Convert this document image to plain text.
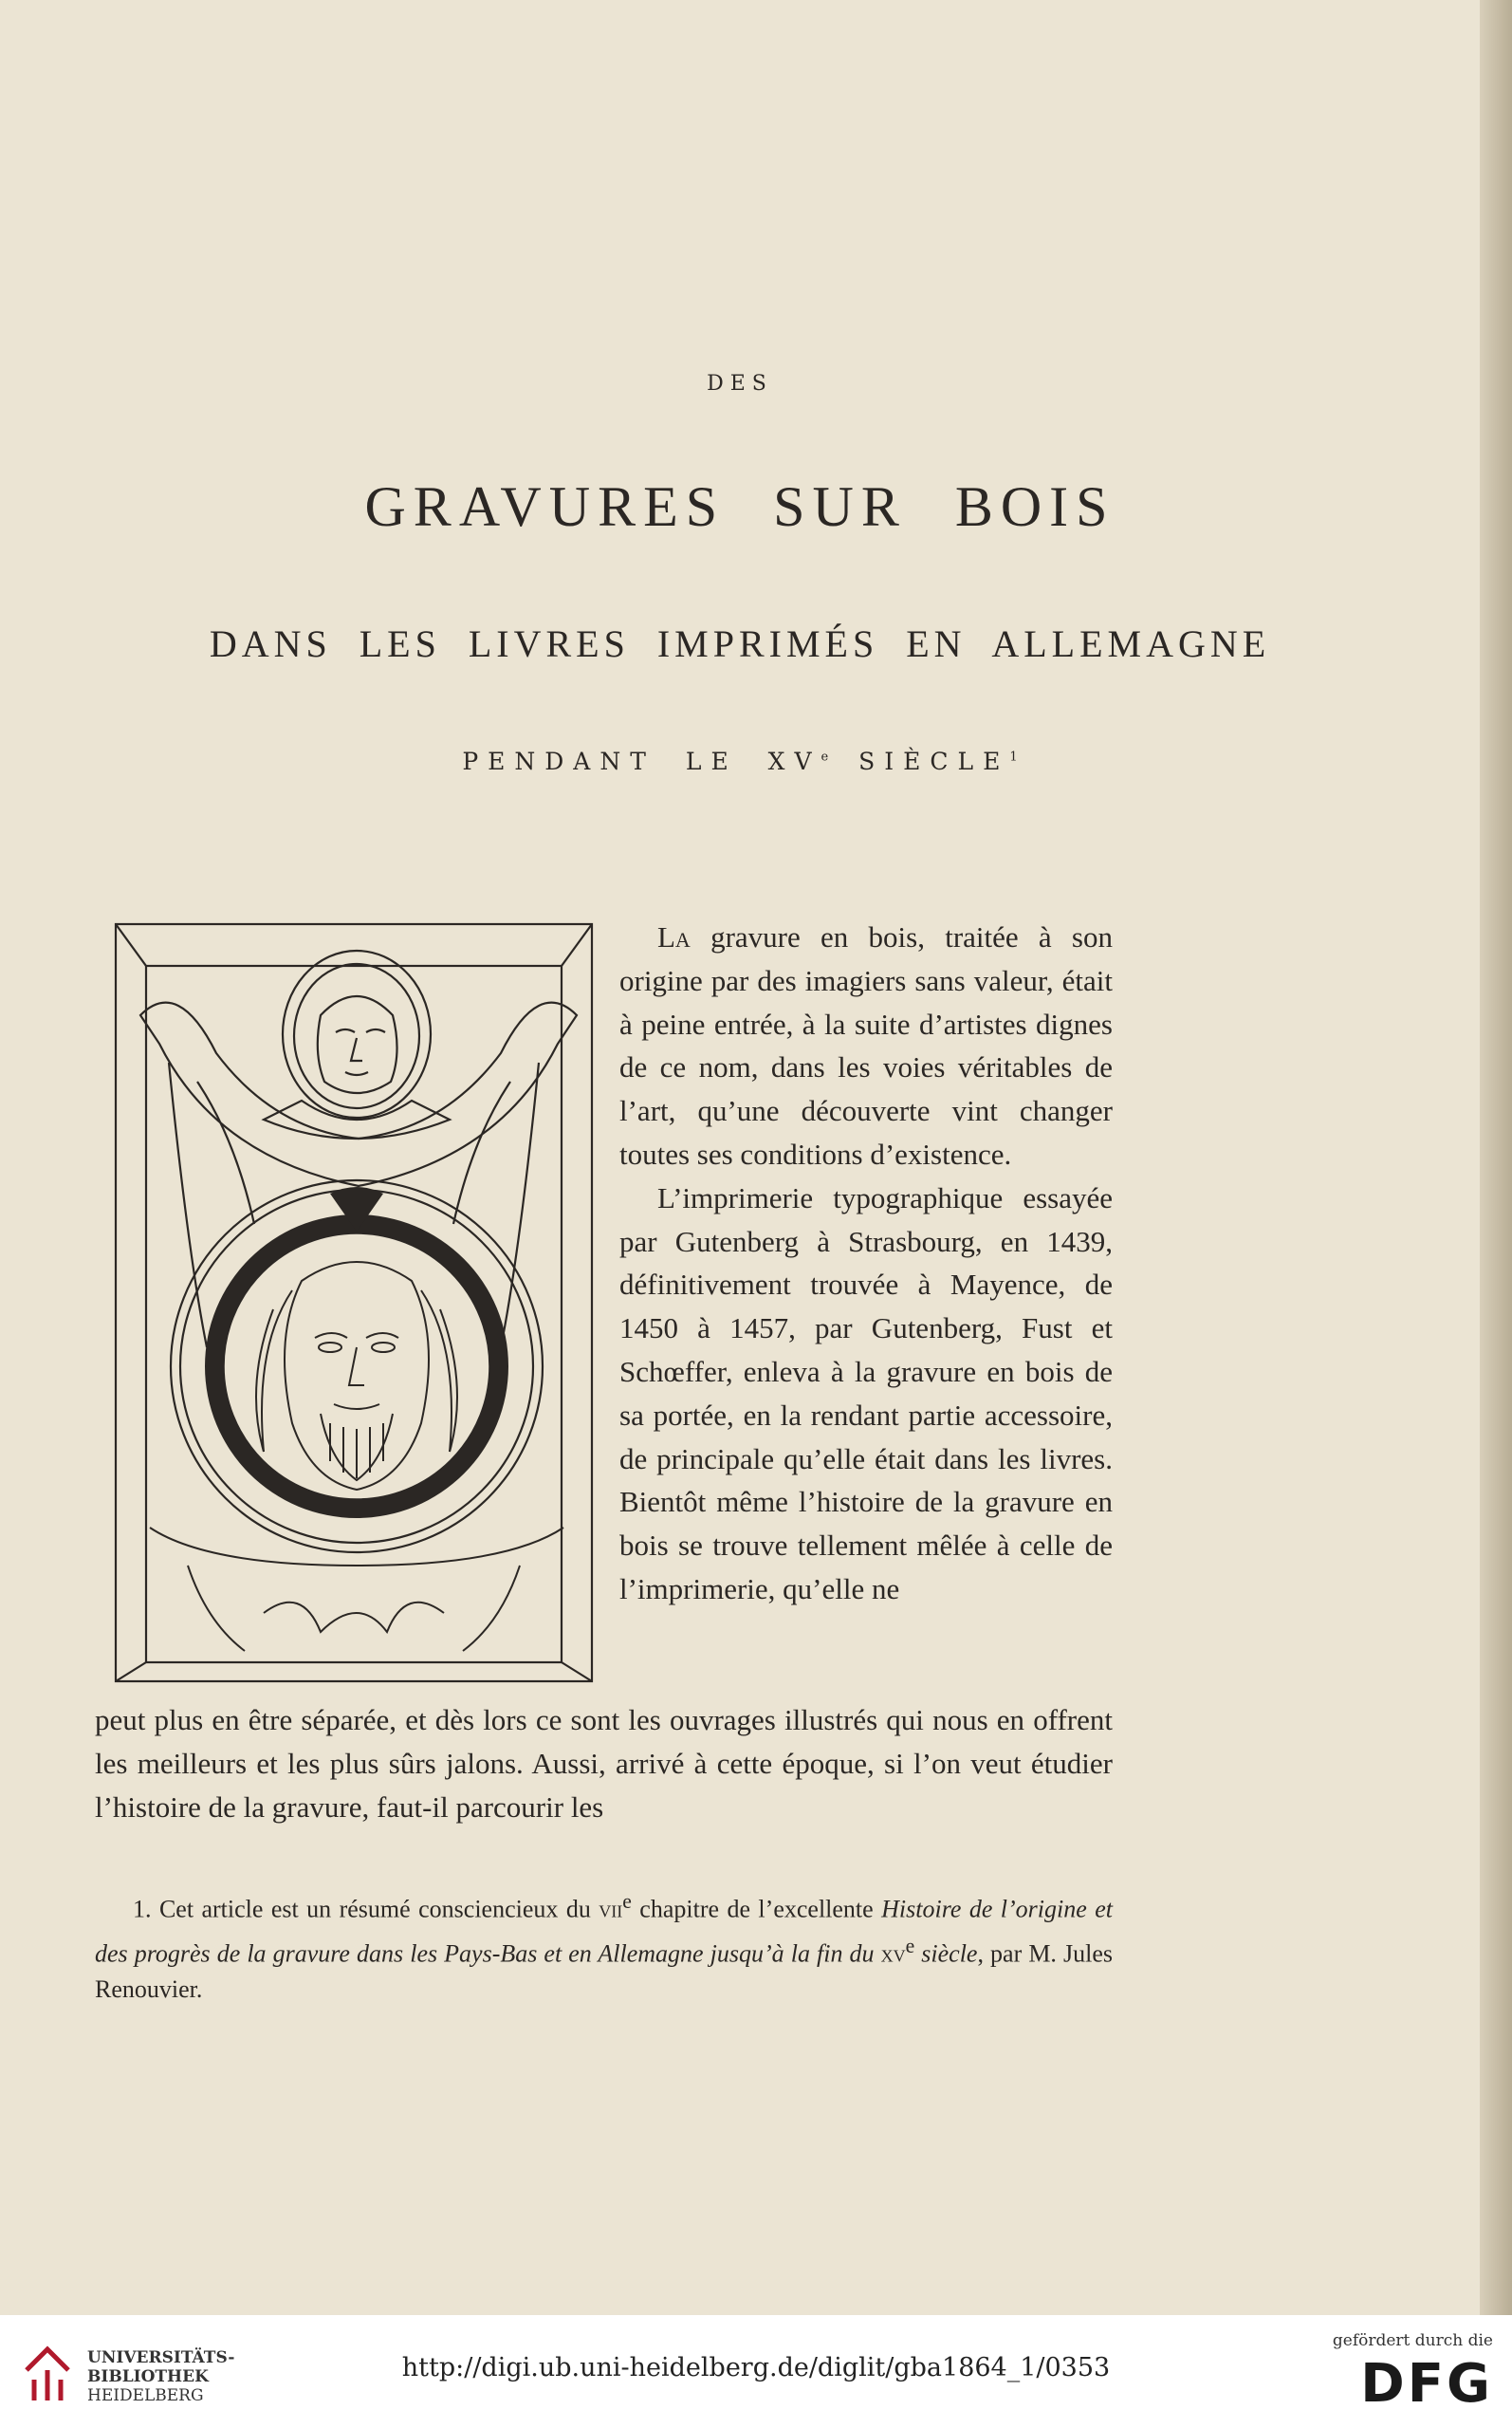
DES
GRAVURES SUR BOIS
DANS LES LIVRES IMPRIMÉS EN ALLEMAGNE
PENDANT LE XVe SIÈCLE$^1$

La gravure en bois, traitée à son origine par des imagiers sans valeur, était à peine entrée, à la suite d’artistes dignes de ce nom, dans les voies véritables de l’art, qu’une découverte vint changer toutes ses conditions d’existence.

L’imprimerie typographique essayée par Gutenberg à Strasbourg, en 1439, définitivement trouvée à Mayence, de 1450 à 1457, par Gutenberg, Fust et Schœffer, enleva à la gravure en bois de sa portée, en la rendant partie accessoire, de principale qu’elle était dans les livres. Bientôt même l’histoire de la gravure en bois se trouve tellement mêlée à celle de l’imprimerie, qu’elle ne

peut plus en être séparée, et dès lors ce sont les ouvrages illustrés qui nous en offrent les meilleurs et les plus sûrs jalons. Aussi, arrivé à cette époque, si l’on veut étudier l’histoire de la gravure, faut-il parcourir les

1. Cet article est un résumé consciencieux du vii$^e$ chapitre de l’excellente Histoire de l’origine et des progrès de la gravure dans les Pays-Bas et en Allemagne jusqu’à la fin du $xv^e$ siècle, par M. Jules Renouvier.

UNIVERSITÄTS-
BIBLIOTHEK
HEIDELBERG
http://digi.ub.uni-heidelberg.de/diglit/gba1864_1/0353
gefördert durch die
DFG
